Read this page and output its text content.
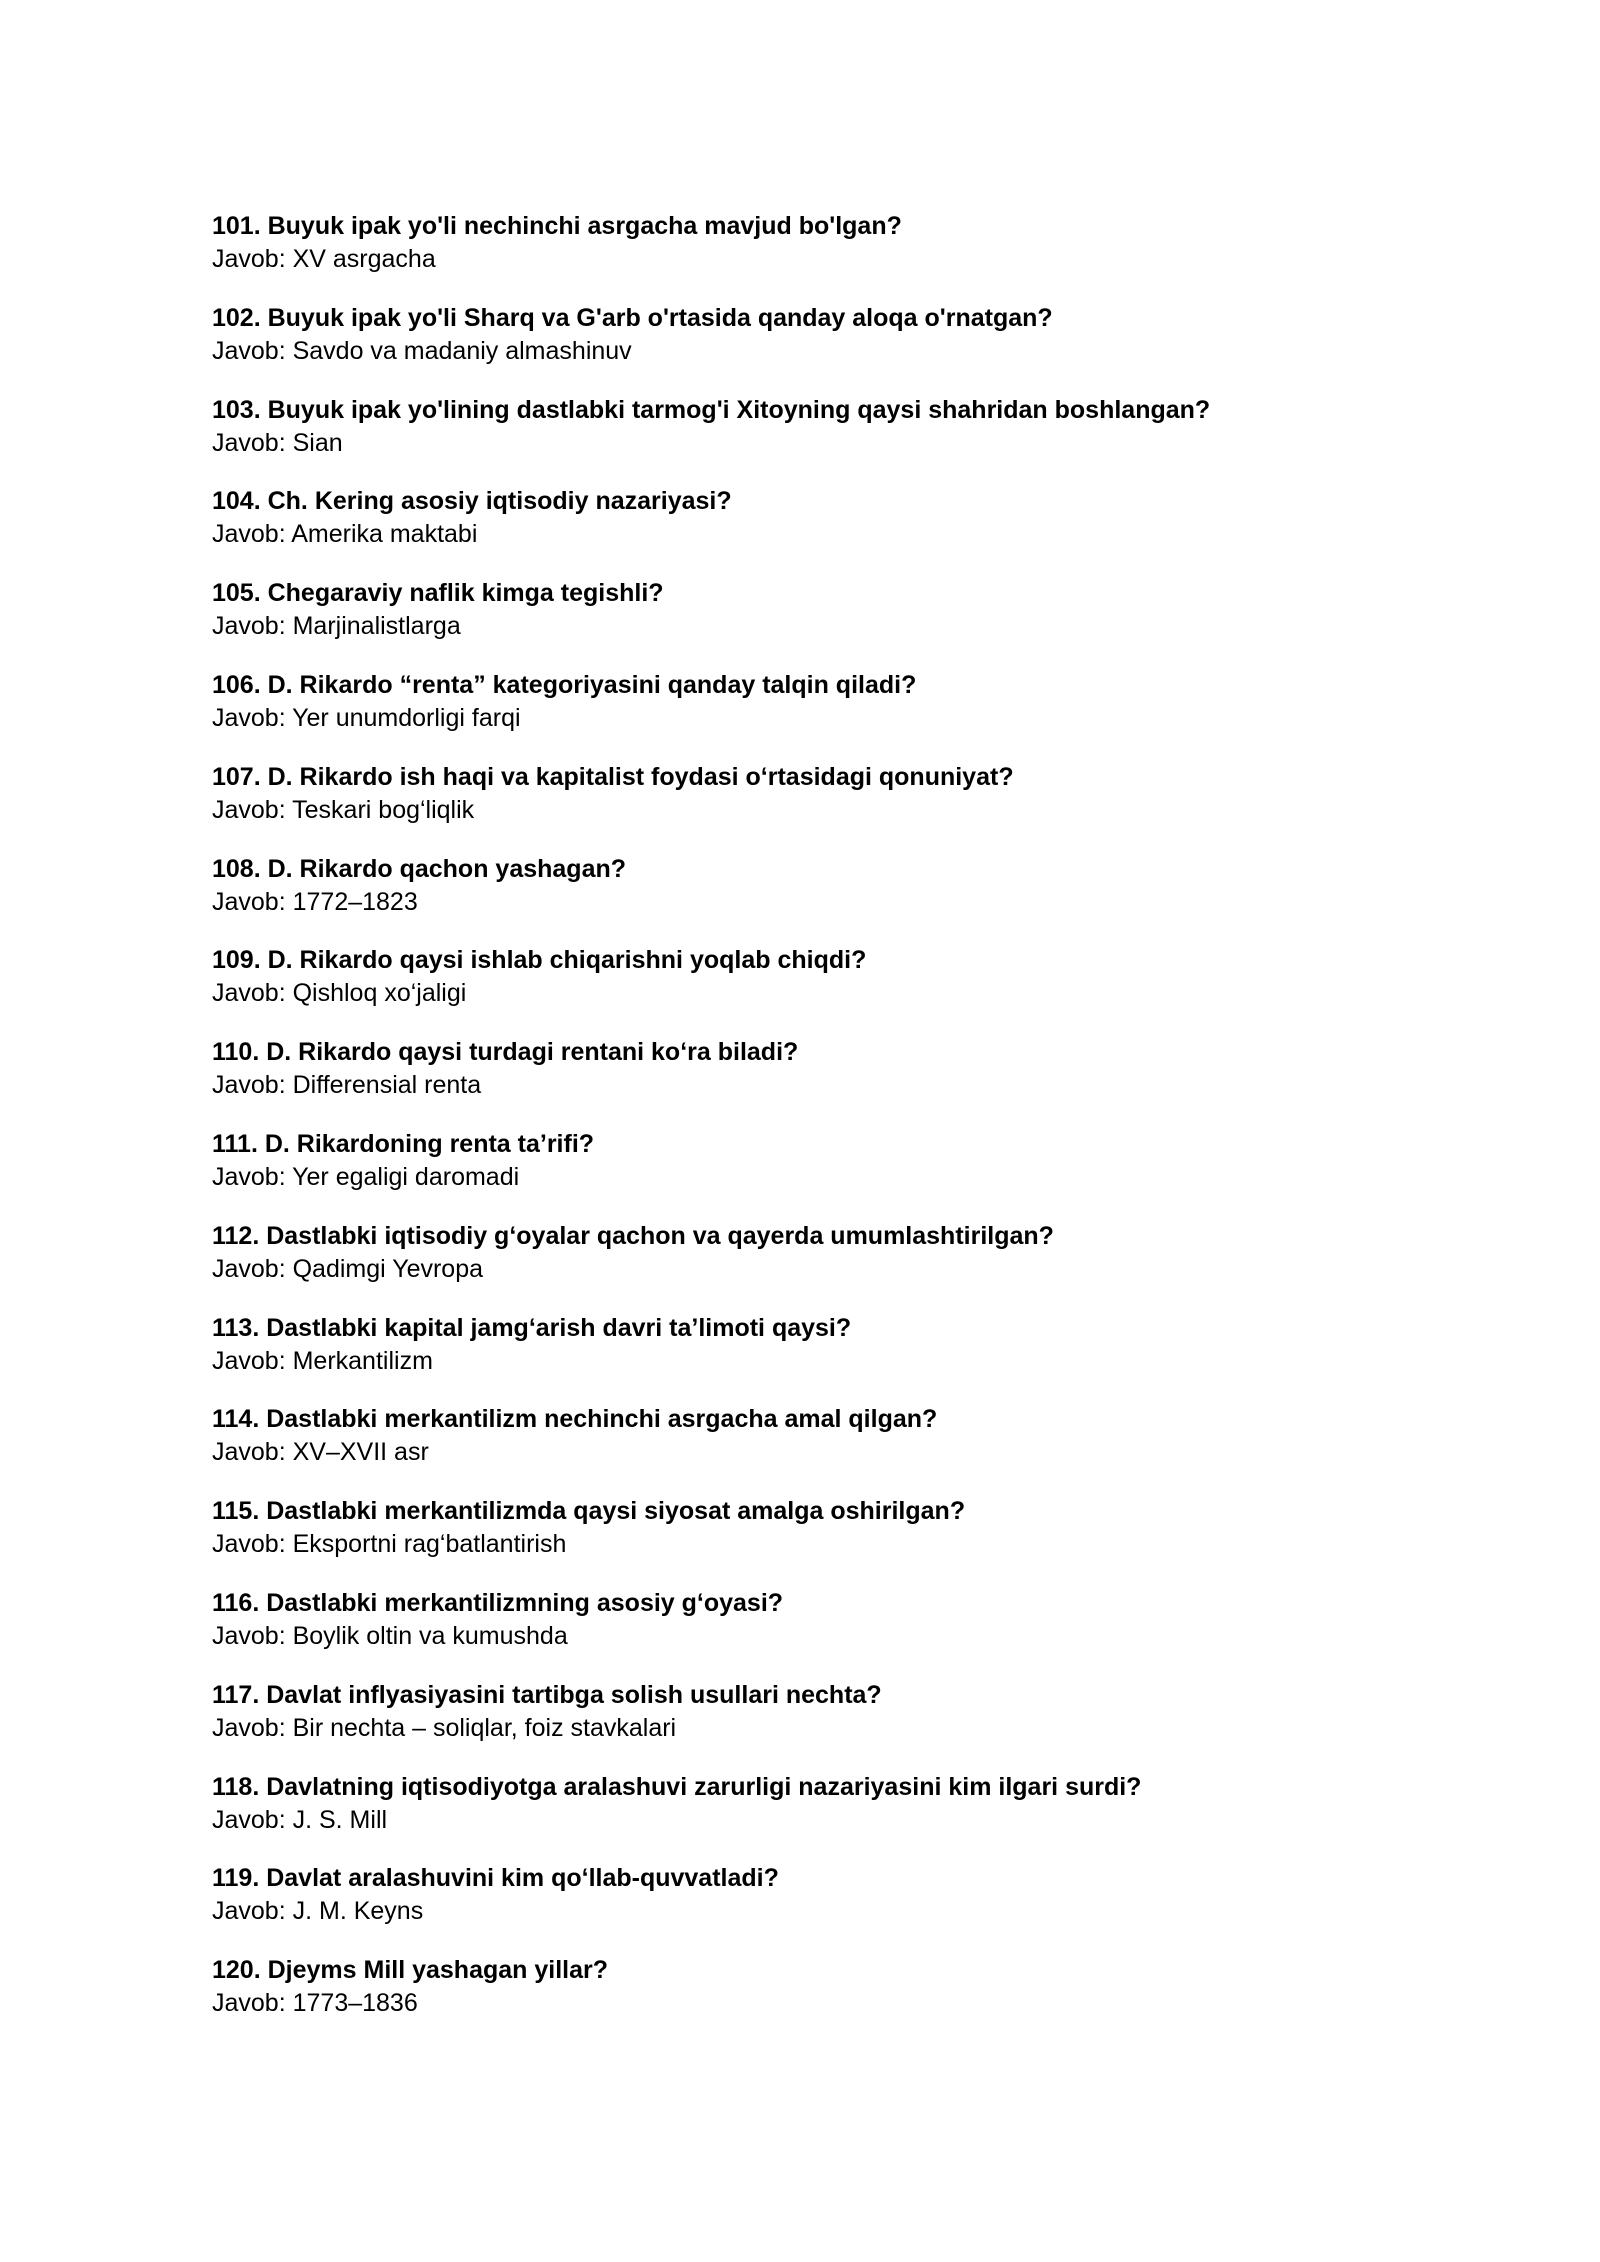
101. Buyuk ipak yo'li nechinchi asrgacha mavjud bo'lgan?
Javob: XV asrgacha
102. Buyuk ipak yo'li Sharq va G'arb o'rtasida qanday aloqa o'rnatgan?
Javob: Savdo va madaniy almashinuv
103. Buyuk ipak yo'lining dastlabki tarmog'i Xitoyning qaysi shahridan boshlangan?
Javob: Sian
104. Ch. Kering asosiy iqtisodiy nazariyasi?
Javob: Amerika maktabi
105. Chegaraviy naflik kimga tegishli?
Javob: Marjinalistlarga
106. D. Rikardo “renta” kategoriyasini qanday talqin qiladi?
Javob: Yer unumdorligi farqi
107. D. Rikardo ish haqi va kapitalist foydasi o‘rtasidagi qonuniyat?
Javob: Teskari bog‘liqlik
108. D. Rikardo qachon yashagan?
Javob: 1772–1823
109. D. Rikardo qaysi ishlab chiqarishni yoqlab chiqdi?
Javob: Qishloq xo‘jaligi
110. D. Rikardo qaysi turdagi rentani ko‘ra biladi?
Javob: Differensial renta
111. D. Rikardoning renta ta’rifi?
Javob: Yer egaligi daromadi
112. Dastlabki iqtisodiy g‘oyalar qachon va qayerda umumlashtirilgan?
Javob: Qadimgi Yevropa
113. Dastlabki kapital jamg‘arish davri ta’limoti qaysi?
Javob: Merkantilizm
114. Dastlabki merkantilizm nechinchi asrgacha amal qilgan?
Javob: XV–XVII asr
115. Dastlabki merkantilizmda qaysi siyosat amalga oshirilgan?
Javob: Eksportni rag‘batlantirish
116. Dastlabki merkantilizmning asosiy g‘oyasi?
Javob: Boylik oltin va kumushda
117. Davlat inflyasiyasini tartibga solish usullari nechta?
Javob: Bir nechta – soliqlar, foiz stavkalari
118. Davlatning iqtisodiyotga aralashuvi zarurligi nazariyasini kim ilgari surdi?
Javob: J. S. Mill
119. Davlat aralashuvini kim qo‘llab-quvvatladi?
Javob: J. M. Keyns
120. Djeyms Mill yashagan yillar?
Javob: 1773–1836
